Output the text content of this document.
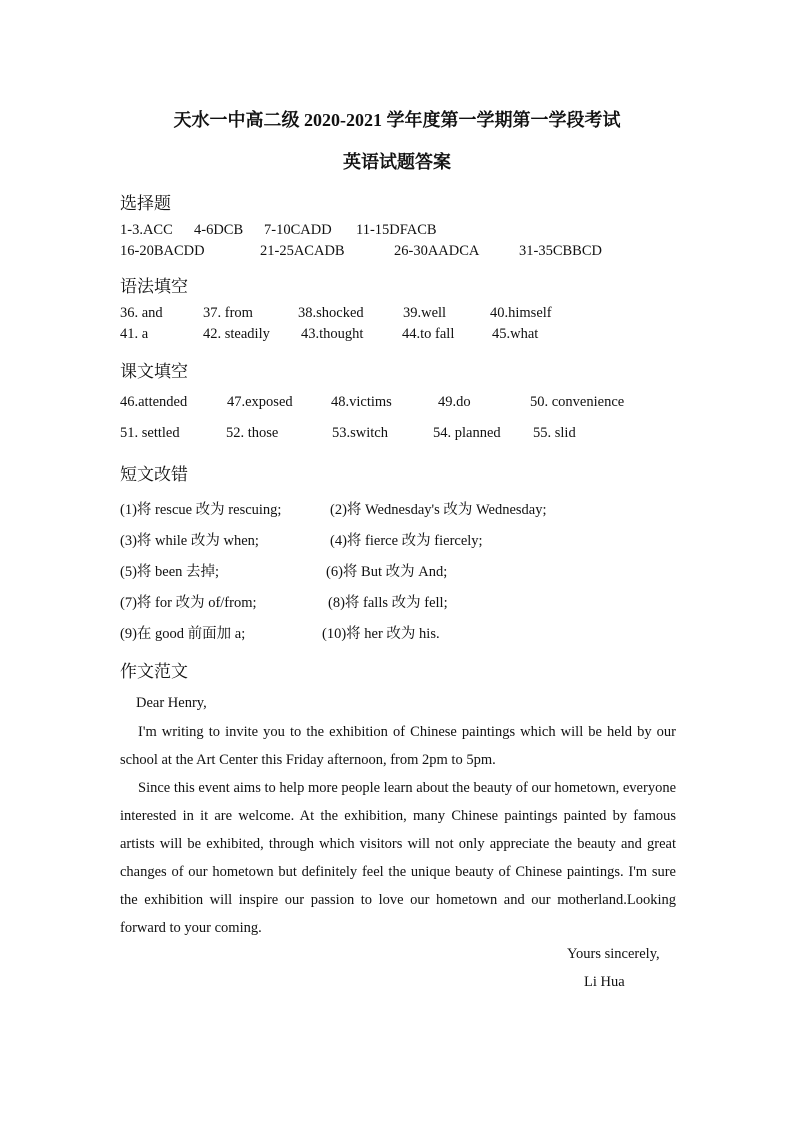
天水一中高二级 2020-2021 学年度第一学期第一学段考试
英语试题答案
选择题
1-3.ACC 4-6DCB 7-10CADD 11-15DFACB
16-20BACDD	21-25ACADB	26-30AADCA	31-35CBBCD
语法填空
36. and	37. from	38.shocked	39.well	40.himself
41. a	42. steadily 43.thought	44.to fall	45.what
课文填空
46.attended	47.exposed	48.victims	49.do	50. convenience
51. settled	52. those	53.switch	54. planned 55. slid
短文改错
(1)将 rescue 改为 rescuing;	(2)将 Wednesday's 改为 Wednesday;
(3)将 while 改为 when;	(4)将 fierce 改为 fiercely;
(5)将 been 去掉;	(6)将 But 改为 And;
(7)将 for 改为 of/from;	(8)将 falls 改为 fell;
(9)在 good 前面加 a;	(10)将 her 改为 his.
作文范文
Dear Henry,
I'm writing to invite you to the exhibition of Chinese paintings which will be held by our school at the Art Center this Friday afternoon, from 2pm to 5pm.
Since this event aims to help more people learn about the beauty of our hometown, everyone interested in it are welcome. At the exhibition, many Chinese paintings painted by famous artists will be exhibited, through which visitors will not only appreciate the beauty and great changes of our hometown but definitely feel the unique beauty of Chinese paintings. I'm sure the exhibition will inspire our passion to love our hometown and our motherland.Looking forward to your coming.
Yours sincerely,
Li Hua
